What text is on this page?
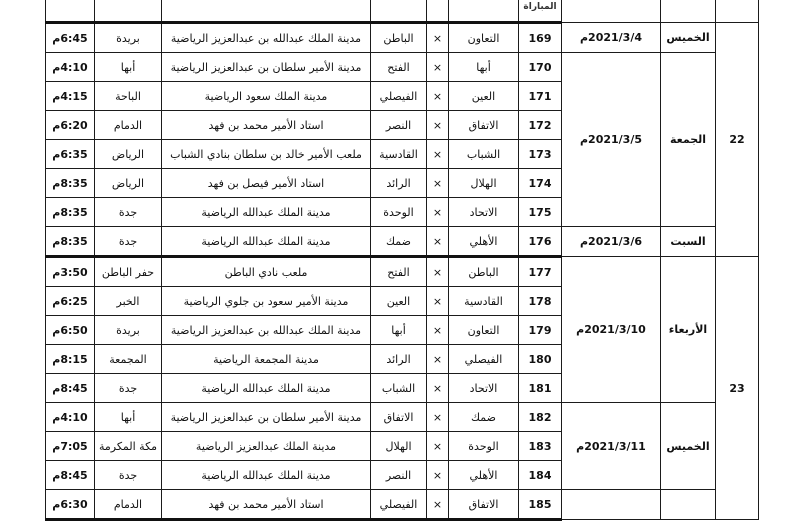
			المباراة						
22	الخميس	2021/3/4م	169	التعاون	×	الباطن	مدينة الملك عبدالله بن عبدالعزيز الرياضية	بريدة	6:45م
	الجمعة	2021/3/5م	170	أبها	×	الفتح	مدينة الأمير سلطان بن عبدالعزيز الرياضية	أبها	4:10م
			171	العين	×	الفيصلي	مدينة الملك سعود الرياضية	الباحة	4:15م
			172	الاتفاق	×	النصر	استاد الأمير محمد بن فهد	الدمام	6:20م
			173	الشباب	×	القادسية	ملعب الأمير خالد بن سلطان بنادي الشباب	الرياض	6:35م
			174	الهلال	×	الرائد	استاد الأمير فيصل بن فهد	الرياض	8:35م
			175	الاتحاد	×	الوحدة	مدينة الملك عبدالله الرياضية	جدة	8:35م
	السبت	2021/3/6م	176	الأهلي	×	ضمك	مدينة الملك عبدالله الرياضية	جدة	8:35م
23	الأربعاء	2021/3/10م	177	الباطن	×	الفتح	ملعب نادي الباطن	حفر الباطن	3:50م
			178	القادسية	×	العين	مدينة الأمير سعود بن جلوي الرياضية	الخبر	6:25م
			179	التعاون	×	أبها	مدينة الملك عبدالله بن عبدالعزيز الرياضية	بريدة	6:50م
			180	الفيصلي	×	الرائد	مدينة المجمعة الرياضية	المجمعة	8:15م
			181	الاتحاد	×	الشباب	مدينة الملك عبدالله الرياضية	جدة	8:45م
	الخميس	2021/3/11م	182	ضمك	×	الاتفاق	مدينة الأمير سلطان بن عبدالعزيز الرياضية	أبها	4:10م
			183	الوحدة	×	الهلال	مدينة الملك عبدالعزيز الرياضية	مكة المكرمة	7:05م
			184	الأهلي	×	النصر	مدينة الملك عبدالله الرياضية	جدة	8:45م
			185	الاتفاق	×	الفيصلي	استاد الأمير محمد بن فهد	الدمام	6:30م
